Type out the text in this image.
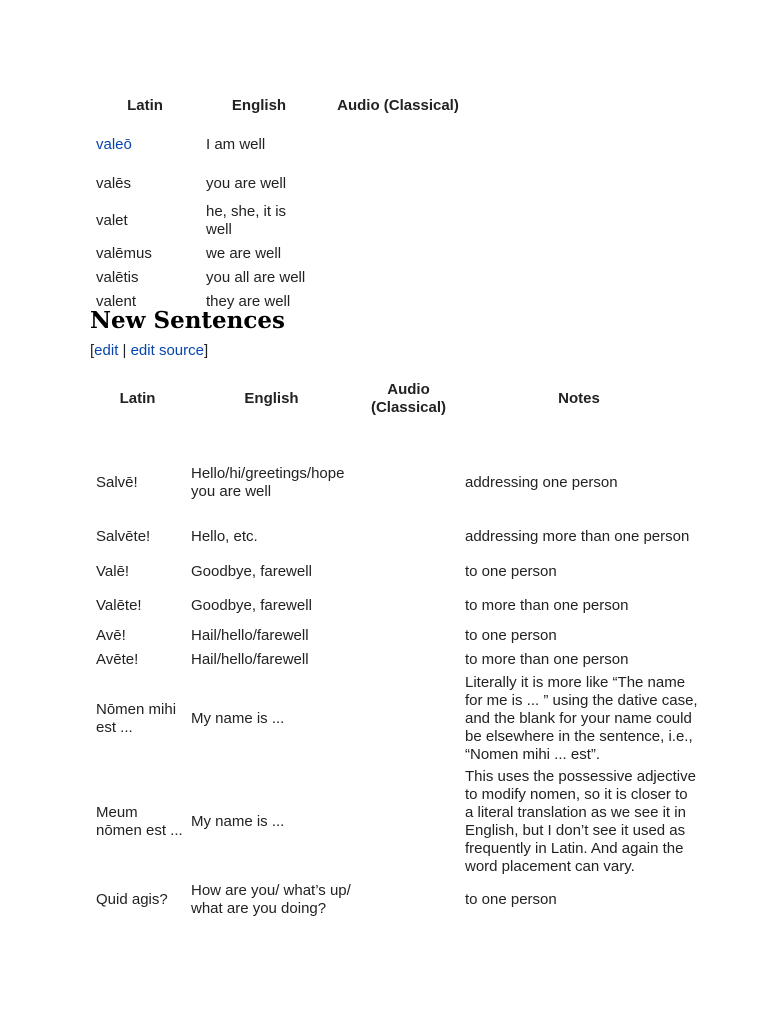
Latin	English	Audio (Classical)
valeō	I am well	
valēs	you are well	
valet	he, she, it is well	
valēmus	we are well	
valētis	you all are well	
valent	they are well	
New Sentences
[edit | edit source]
Latin	English	Audio (Classical)	Notes
Salvē!	Hello/hi/greetings/hope you are well		addressing one person
Salvēte!	Hello, etc.		addressing more than one person
Valē!	Goodbye, farewell		to one person
Valēte!	Goodbye, farewell		to more than one person
Avē!	Hail/hello/farewell		to one person
Avēte!	Hail/hello/farewell		to more than one person
Nōmen mihi est ...	My name is ...		Literally it is more like “The name for me is ... ” using the dative case, and the blank for your name could be elsewhere in the sentence, i.e., “Nomen mihi ... est”.
Meum nōmen est ...	My name is ...		This uses the possessive adjective to modify nomen, so it is closer to a literal translation as we see it in English, but I don’t see it used as frequently in Latin. And again the word placement can vary.
Quid agis?	How are you/ what’s up/ what are you doing?		to one person
